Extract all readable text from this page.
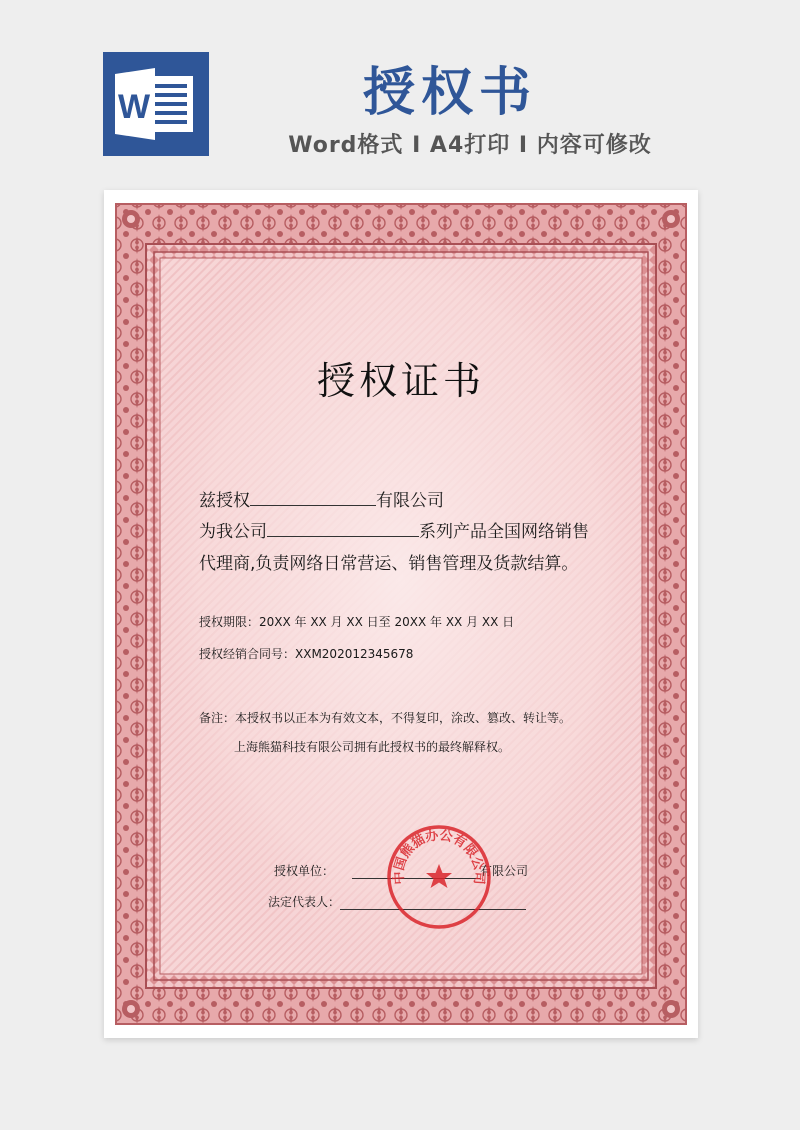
W	授权书
Word格式 I A4打印 I 内容可修改
授权证书
兹授权	有限公司
为我公司	系列产品全国网络销售
代理商,负责网络日常营运、销售管理及货款结算。
授权期限：20XX 年 XX 月 XX 日至 20XX 年 XX 月 XX 日
授权经销合同号：XXM202012345678
备注：本授权书以正本为有效文本，不得复印，涂改、篡改、转让等。
上海熊猫科技有限公司拥有此授权书的最终解释权。
授权单位：	有限公司
法定代表人：
中国熊猫办公有限公司
